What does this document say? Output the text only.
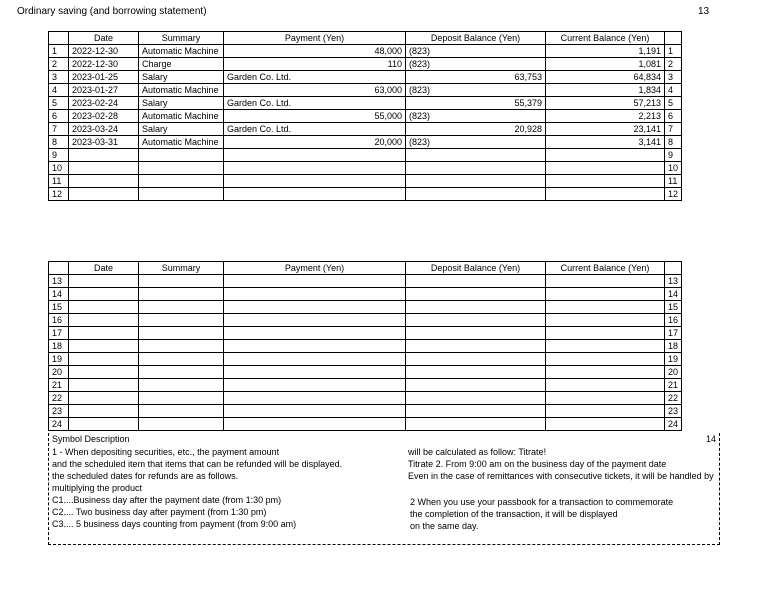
Ordinary saving (and borrowing statement)	13
	Date	Summary	Payment (Yen)	Deposit Balance (Yen)	Current Balance (Yen)	
1	2022-12-30	Automatic Machine	48,000	(823)	1,191	1
2	2022-12-30	Charge	110	(823)	1,081	2
3	2023-01-25	Salary	Garden Co. Ltd.	63,753	64,834	3
4	2023-01-27	Automatic Machine	63,000	(823)	1,834	4
5	2023-02-24	Salary	Garden Co. Ltd.	55,379	57,213	5
6	2023-02-28	Automatic Machine	55,000	(823)	2,213	6
7	2023-03-24	Salary	Garden Co. Ltd.	20,928	23,141	7
8	2023-03-31	Automatic Machine	20,000	(823)	3,141	8
9						9
10						10
11						11
12						12
	Date	Summary	Payment (Yen)	Deposit Balance (Yen)	Current Balance (Yen)	
13						13
14						14
15						15
16						16
17						17
18						18
19						19
20						20
21						21
22						22
23						23
24						24
Symbol Description	14
1 - When depositing securities, etc., the payment amount
and the scheduled item that items that can be refunded will be displayed.
the scheduled dates for refunds are as follows.
multiplying the product
C1....Business day after the payment date (from 1:30 pm)
C2.... Two business day after payment (from 1:30 pm)
C3.... 5 business days counting from payment (from 9:00 am)
will be calculated as follow: Titrate!
Titrate 2. From 9:00 am on the business day of the payment date
Even in the case of remittances with consecutive tickets, it will be handled by
2 When you use your passbook for a transaction to commemorate
the completion of the transaction, it will be displayed
on the same day.
